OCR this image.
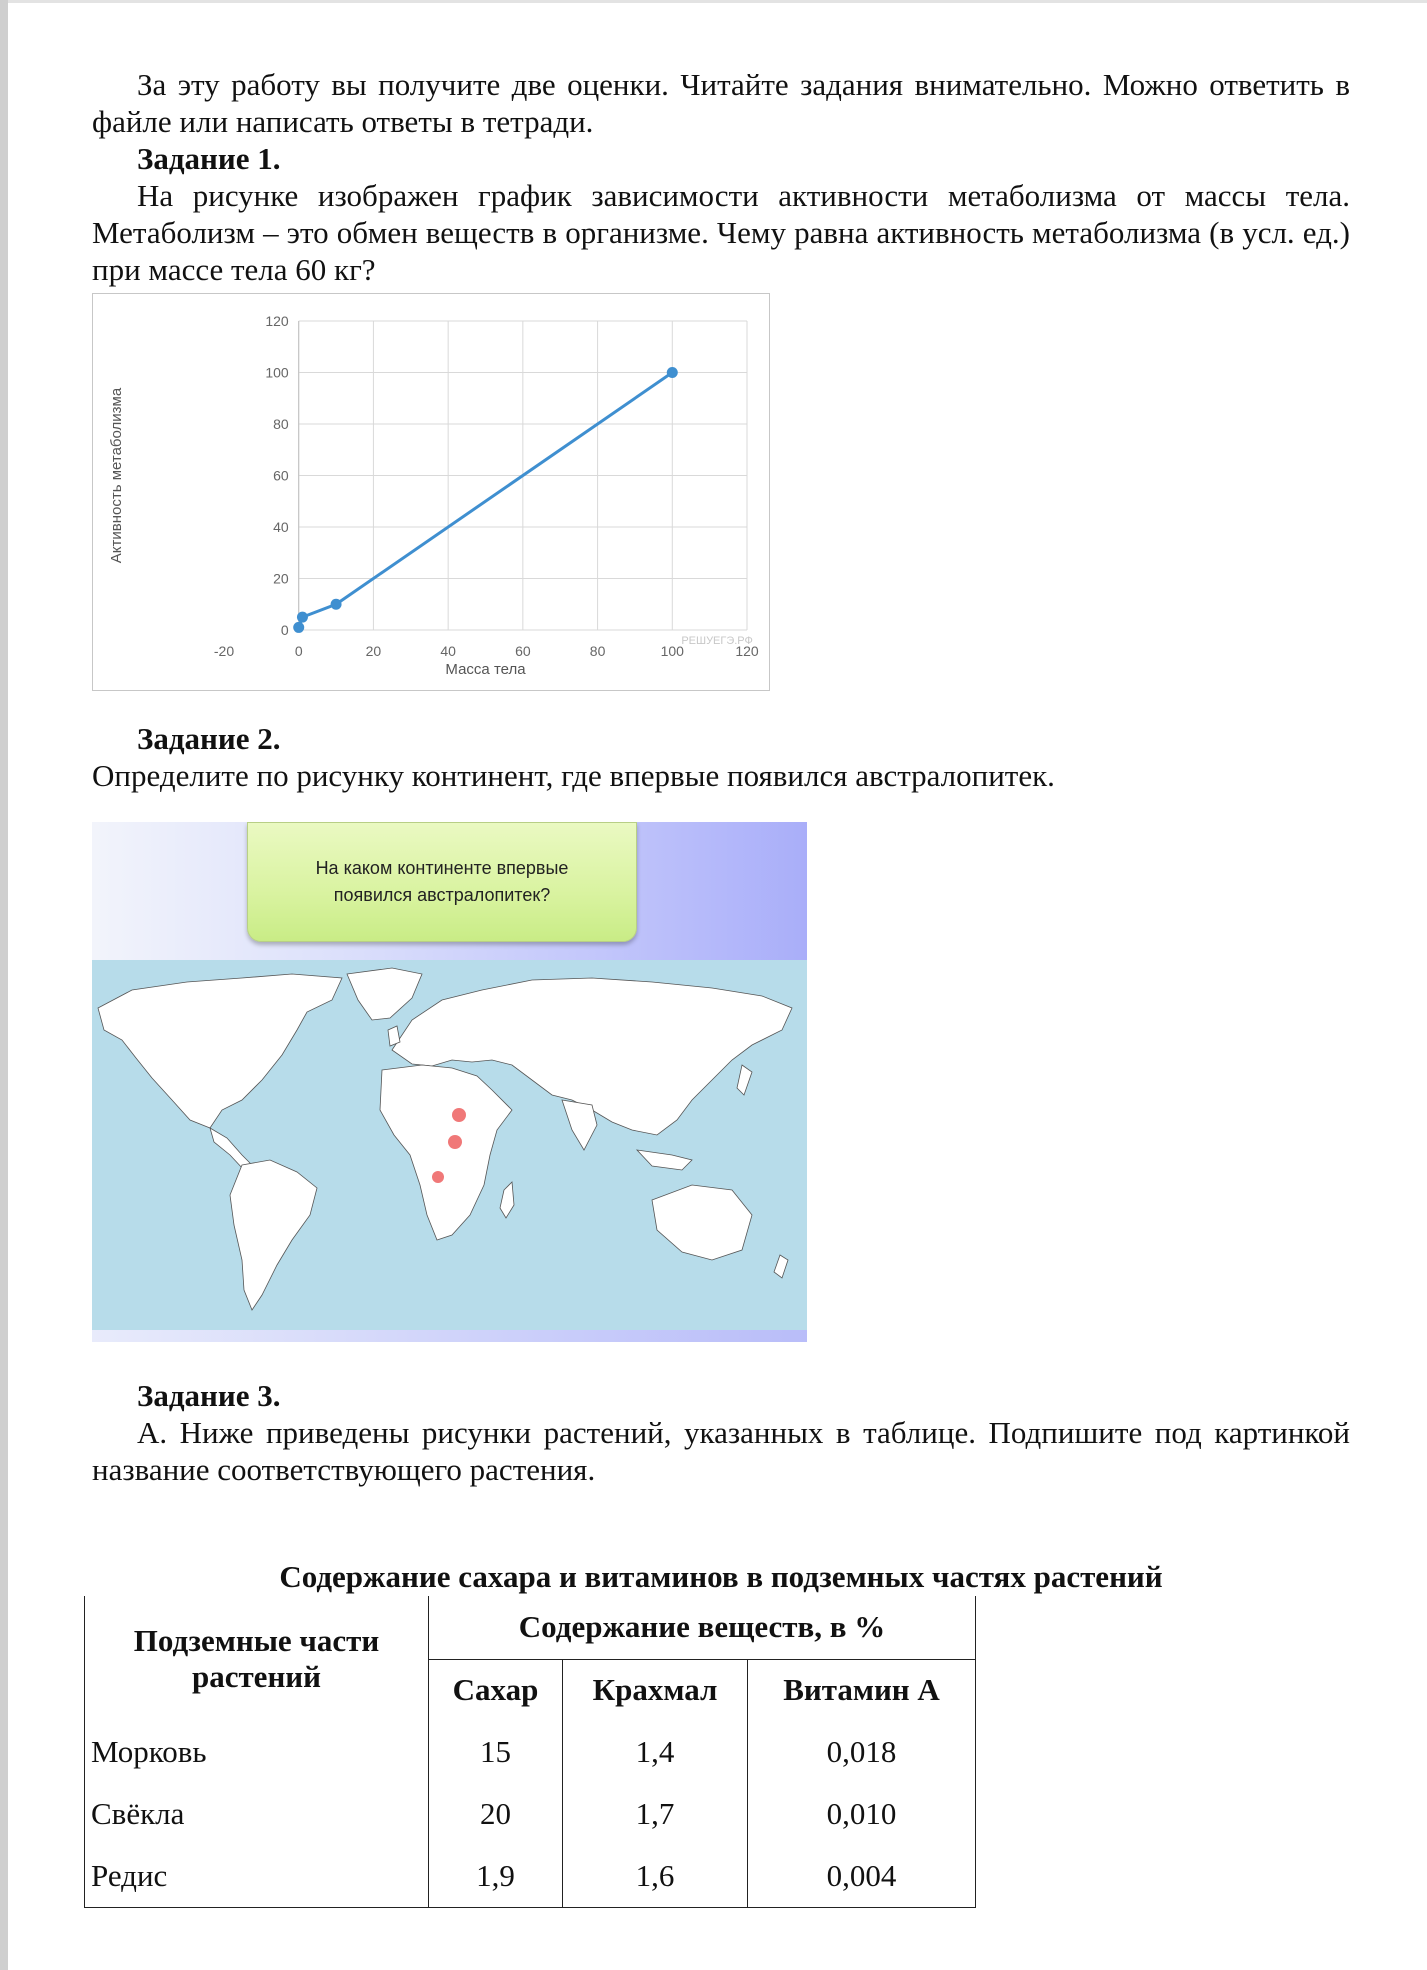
За эту работу вы получите две оценки. Читайте задания внимательно. Можно ответить в файле или написать ответы в тетради.

Задание 1.

На рисунке изображен график зависимости активности метаболизма от массы тела. Метаболизм – это обмен веществ в организме. Чему равна активность метаболизма (в усл. ед.) при массе тела 60 кг?

0
20
40
60
80
100
120
-20	0	20	40	60	80	100	120
Масса тела
Активность метаболизма
РЕШУЕГЭ.РФ

Задание 2.

Определите по рисунку континент, где впервые появился австралопитек.

На каком континенте впервые появился австралопитек?

Задание 3.

А. Ниже приведены рисунки растений, указанных в таблице. Подпишите под картинкой название соответствующего растения.

Содержание сахара и витаминов в подземных частях растений
Подземные части растений	Содержание веществ, в %		
	Сахар	Крахмал	Витамин А
Морковь	15	1,4	0,018
Свёкла	20	1,7	0,010
Редис	1,9	1,6	0,004
